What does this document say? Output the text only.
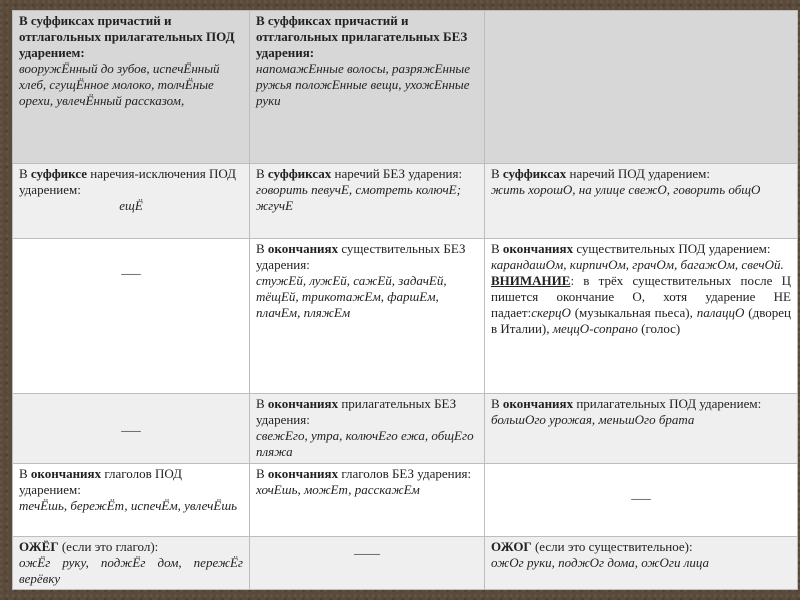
В суффиксах причастий и отглагольных прилагательных ПОД ударением:
вооружЁнный до зубов, испечЁнный хлеб, сгущЁнное молоко, толчЁные орехи, увлечЁнный рассказом,	В суффиксах причастий и отглагольных прилагательных БЕЗ ударения:
напомажЕнные волосы, разряжЕнные ружья положЕнные вещи, ухожЕнные руки	

В суффиксе наречия-исключения ПОД ударением:
ещЁ	В суффиксах наречий БЕЗ ударения:
говорить певучЕ, смотреть колючЕ; жгучЕ	В суффиксах наречий ПОД ударением:
жить хорошО, на улице свежО, говорить общО

___	В окончаниях существительных БЕЗ ударения:
стужЕй, лужЕй, сажЕй, задачЕй, тёщЕй, трикотажЕм, фаршЕм, плачЕм, пляжЕм	В окончаниях существительных ПОД ударением: карандашОм, кирпичОм, грачОм, багажОм, свечОй.
ВНИМАНИЕ: в трёх существительных после Ц пишется окончание О, хотя ударение НЕ падает:скерцО (музыкальная пьеса), палаццО (дворец в Италии), меццО-сопрано (голос)

___	В окончаниях прилагательных БЕЗ ударения:
свежЕго, утра, колючЕго ежа, общЕго пляжа	В окончаниях прилагательных ПОД ударением:
большОго урожая, меньшОго брата

В окончаниях глаголов ПОД ударением:
течЁшь, бережЁт, испечЁм, увлечЁшь	В окончаниях глаголов БЕЗ ударения:
хочЕшь, можЕт, расскажЕм	___

ОЖЁГ (если это глагол):
ожЁг руку, поджЁг дом, пережЁг верёвку	____	ОЖОГ (если это существительное):
ожОг руки, поджОг дома, ожОги лица
